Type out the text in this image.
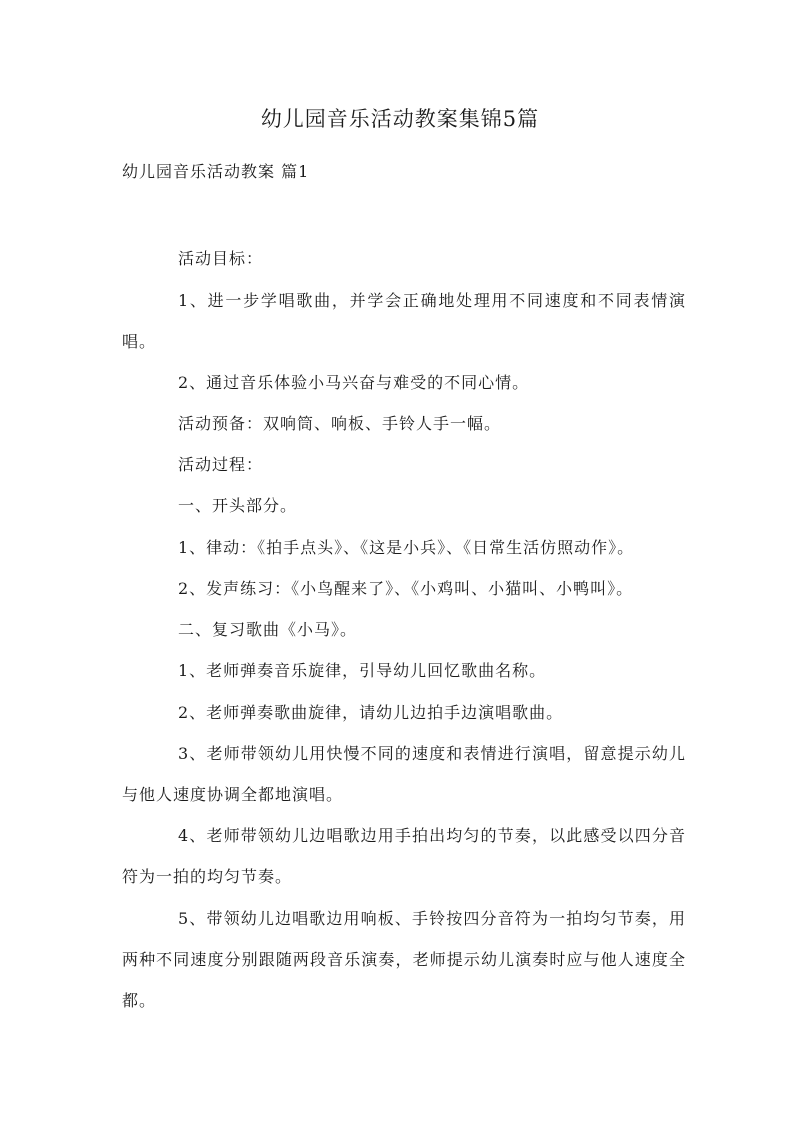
幼儿园音乐活动教案集锦5篇
幼儿园音乐活动教案 篇1
活动目标：
1、进一步学唱歌曲，并学会正确地处理用不同速度和不同表情演唱。
2、通过音乐体验小马兴奋与难受的不同心情。
活动预备：双响筒、响板、手铃人手一幅。
活动过程：
一、开头部分。
1、律动：《拍手点头》、《这是小兵》、《日常生活仿照动作》。
2、发声练习：《小鸟醒来了》、《小鸡叫、小猫叫、小鸭叫》。
二、复习歌曲《小马》。
1、老师弹奏音乐旋律，引导幼儿回忆歌曲名称。
2、老师弹奏歌曲旋律，请幼儿边拍手边演唱歌曲。
3、老师带领幼儿用快慢不同的速度和表情进行演唱，留意提示幼儿与他人速度协调全都地演唱。
4、老师带领幼儿边唱歌边用手拍出均匀的节奏，以此感受以四分音符为一拍的均匀节奏。
5、带领幼儿边唱歌边用响板、手铃按四分音符为一拍均匀节奏，用两种不同速度分别跟随两段音乐演奏，老师提示幼儿演奏时应与他人速度全都。
